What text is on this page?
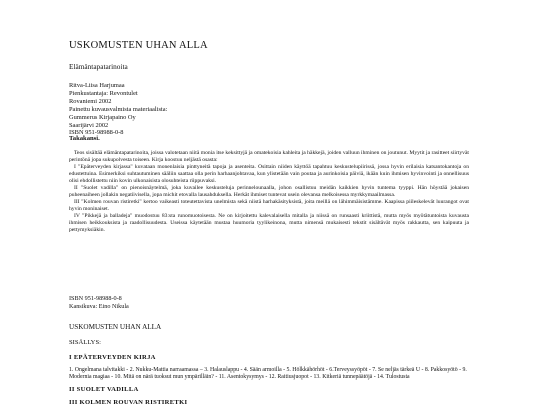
USKOMUSTEN UHAN ALLA
Elämäntapatarinoita
Ritva-Liisa Harjumaa
Pienkustantaja: Revontulet
Rovaniemi 2002
Painettu kuvausvalmista materiaalista:
Gummerus Kirjapaino Oy
Saarijärvi 2002
ISBN 951-98988-0-8
Takakansi.

Teos sisältää elämäntapatarinoita, joissa valotetaan niitä monia itse keksittyjä ja omatekoisia kahleita ja häkkejä, joiden valluun ihminen on joutunut. Myytit ja rasitteet siirtyvät perintönä jopa sukupolvesta toiseen. Kirja koostuu neljästä osasta:

I "Epäterveyden kirjassa" kuvataan monenlaisia pinttyneitä tapoja ja asenteita. Osittain niiden käyttöä tapahtuu keskustelupiirissä, jossa hyvin erilaisia katsantokantoja on edustettuina. Esimerkiksi suhtautuminen sääliin saattaa olla perin harhaanjohtavaa, kun ylistetään vain poutaa ja aurinkoisia päiviä, ikään kuin ihmisen hyvinvointi ja onnellisuus olisi ehdollistettu niin kovin ulkonaisista olosuhteista riippuvaksi.

II "Suolet vadilla" on pienoisnäytelmä, joka kuvailee keskusteluja perinnelounaalla, johon osallistuu meidän kaikkien hyvin tuntema tyyppi. Hän höystää jokaisen puheenaiheen jollakin negatiivisella, jopa michit etovalla lausahduksella. Herkät ihmiset tuntevat usein olevansa melkoisessa myrkkymaailmassa.

III "Kolmen rouvan ristiretki" kertoo vaikeasti toteutettavista unelmista sekä niistä harhakäsityksistä, joita meillä on lähimmäisistämme. Kaapissa piileskelevät luurangot ovat hyvin moninaiset.

IV "Pikkejä ja balladeja" muodostuu 83:sta runomuotoisesta. Ne on kirjoitettu kalevalaisella mitalla ja niissä on runsaasti kriittistä, mutta myös myötätuntoista kuvausta ihmisen heikkouksista ja raadollisuudesta. Useissa käytetään mustaa huumoria tyylikeinona, mutta nimensä mukaisesti tekstit sisältävät myös rakkautta, sen kaipuuta ja pettymyksiäkin.

ISBN 951-98988-0-8
Kansikuva: Eino Nikula
USKOMUSTEN UHAN ALLA
SISÄLLYS:
I EPÄTERVEYDEN KIRJA
1. Ongelmana talvitakki - 2. Nukku-Mattia narraamassa – 3. Halauslappu - 4. Sään armoilla - 5. Hölkkähörhöt - 6.Terveyssyöpöt - 7. Se neljäs tärkeä U - 8. Pakkosyötö - 9. Modernia magiaa - 10. Mitä on närä tuoksut mun ympärilläin? - 11. Asentokysymys - 12. Raitiusjuopot - 13. Kitkeriä tunnepäätöjä - 14. Tulostusta
II SUOLET VADILLA
III KOLMEN ROUVAN RISTIRETKI
